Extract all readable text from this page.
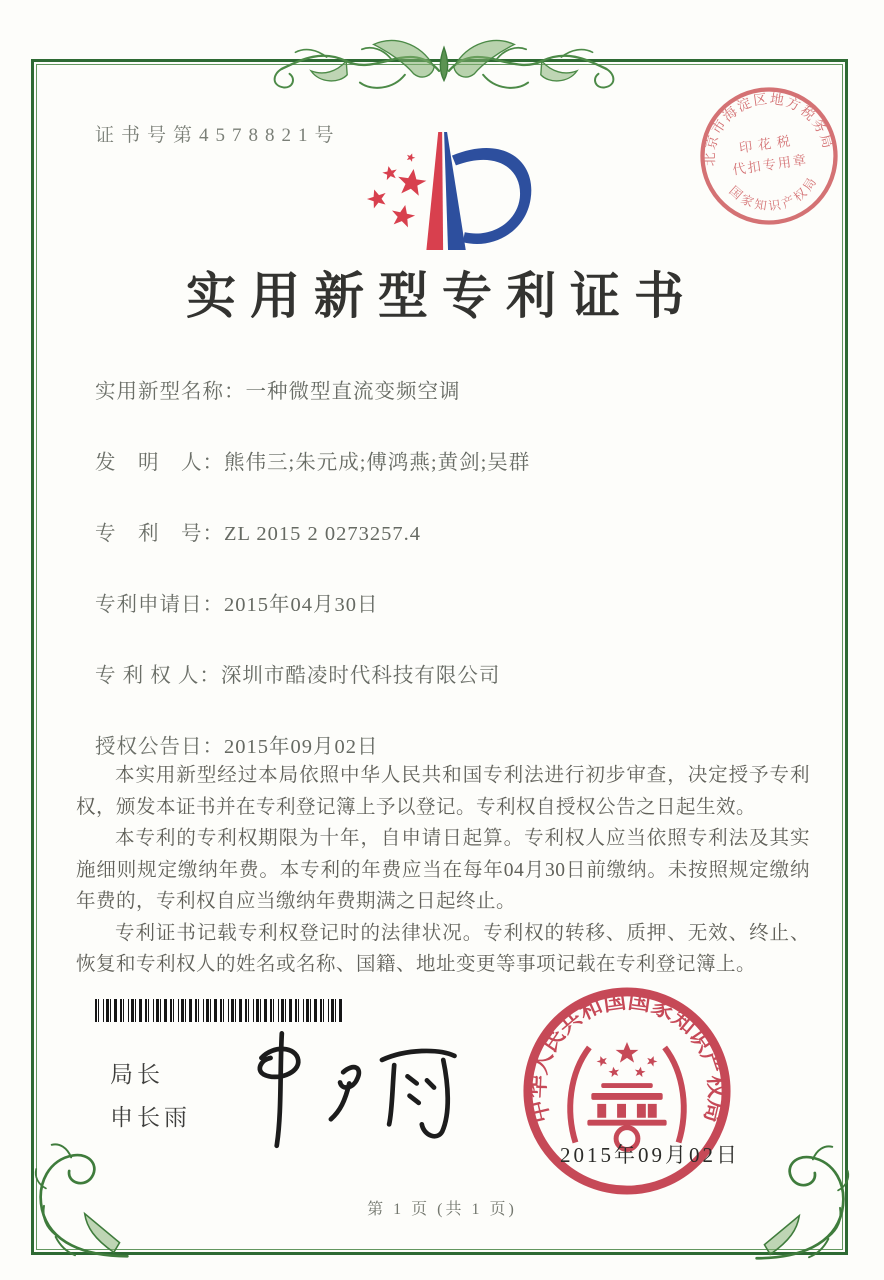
证书号第4578821号
北京市海淀区地方税务局
国家知识产权局
印花税
代扣专用章
实用新型专利证书
实用新型名称：一种微型直流变频空调
发　明　人：熊伟三;朱元成;傅鸿燕;黄剑;吴群
专　利　号：ZL 2015 2 0273257.4
专利申请日：2015年04月30日
专 利 权 人：深圳市酷凌时代科技有限公司
授权公告日：2015年09月02日

本实用新型经过本局依照中华人民共和国专利法进行初步审查，决定授予专利权，颁发本证书并在专利登记簿上予以登记。专利权自授权公告之日起生效。

本专利的专利权期限为十年，自申请日起算。专利权人应当依照专利法及其实施细则规定缴纳年费。本专利的年费应当在每年04月30日前缴纳。未按照规定缴纳年费的，专利权自应当缴纳年费期满之日起终止。

专利证书记载专利权登记时的法律状况。专利权的转移、质押、无效、终止、恢复和专利权人的姓名或名称、国籍、地址变更等事项记载在专利登记簿上。

局长
申长雨	中华人民共和国国家知识产权局
2015年09月02日
第 1 页 (共 1 页)
